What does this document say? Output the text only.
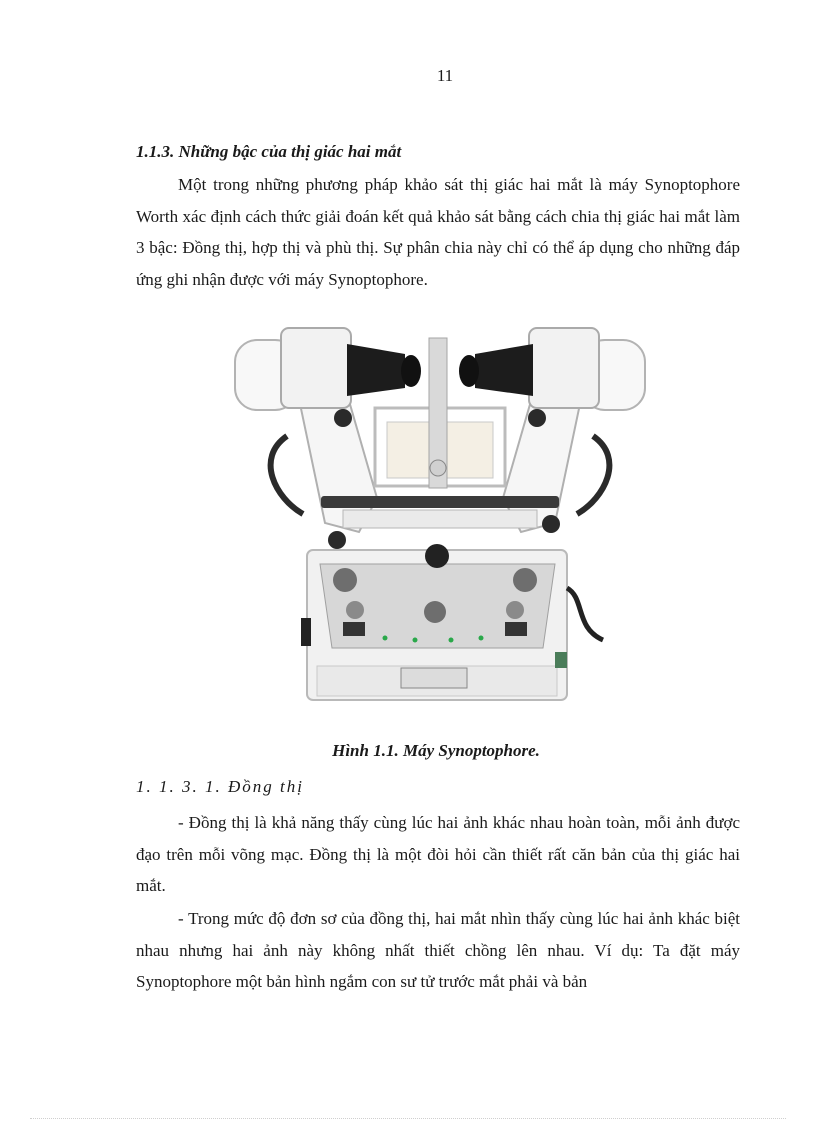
11
1.1.3. Những bậc của thị giác hai mắt

Một trong những phương pháp khảo sát thị giác hai mắt là máy Synoptophore Worth xác định cách thức giải đoán kết quả khảo sát bằng cách chia thị giác hai mắt làm 3 bậc: Đồng thị, hợp thị và phù thị. Sự phân chia này chỉ có thể áp dụng cho những đáp ứng ghi nhận được với máy Synoptophore.

Hình 1.1. Máy Synoptophore.
1. 1. 3. 1. Đồng thị

- Đồng thị là khả năng thấy cùng lúc hai ảnh khác nhau hoàn toàn, mỗi ảnh được đạo trên mỗi võng mạc. Đồng thị là một đòi hỏi cần thiết rất căn bản của thị giác hai mắt.

- Trong mức độ đơn sơ của đồng thị, hai mắt nhìn thấy cùng lúc hai ảnh khác biệt nhau nhưng hai ảnh này không nhất thiết chồng lên nhau. Ví dụ: Ta đặt máy Synoptophore một bản hình ngắm con sư tử trước mắt phải và bản
